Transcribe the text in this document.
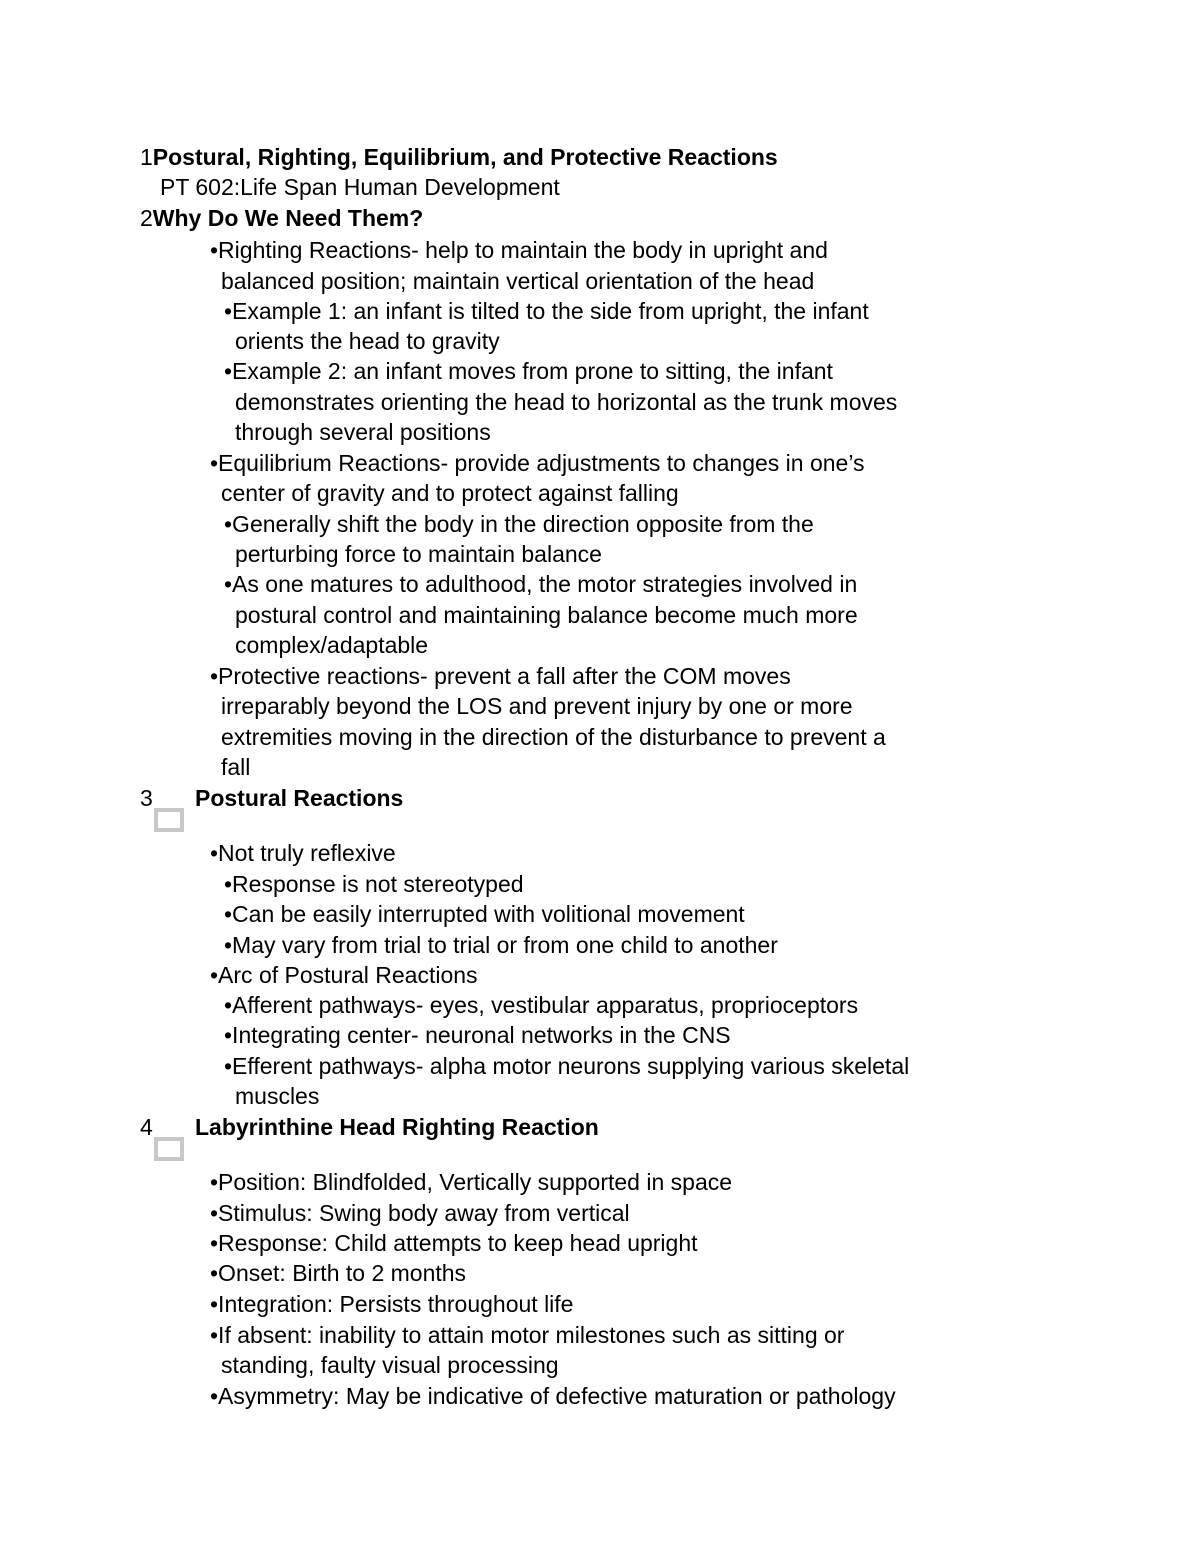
1Postural, Righting, Equilibrium, and Protective Reactions
PT 602:Life Span Human Development
2Why Do We Need Them?
•Righting Reactions- help to maintain the body in upright and
balanced position; maintain vertical orientation of the head
•Example 1: an infant is tilted to the side from upright, the infant
orients the head to gravity
•Example 2: an infant moves from prone to sitting, the infant
demonstrates orienting the head to horizontal as the trunk moves
through several positions
•Equilibrium Reactions- provide adjustments to changes in one’s
center of gravity and to protect against falling
•Generally shift the body in the direction opposite from the
perturbing force to maintain balance
•As one matures to adulthood, the motor strategies involved in
postural control and maintaining balance become much more
complex/adaptable
•Protective reactions- prevent a fall after the COM moves
irreparably beyond the LOS and prevent injury by one or more
extremities moving in the direction of the disturbance to prevent a
fall
3 Postural Reactions
•Not truly reflexive
•Response is not stereotyped
•Can be easily interrupted with volitional movement
•May vary from trial to trial or from one child to another
•Arc of Postural Reactions
•Afferent pathways- eyes, vestibular apparatus, proprioceptors
•Integrating center- neuronal networks in the CNS
•Efferent pathways- alpha motor neurons supplying various skeletal
muscles
4 Labyrinthine Head Righting Reaction
•Position: Blindfolded, Vertically supported in space
•Stimulus: Swing body away from vertical
•Response: Child attempts to keep head upright
•Onset: Birth to 2 months
•Integration: Persists throughout life
•If absent: inability to attain motor milestones such as sitting or
standing, faulty visual processing
•Asymmetry: May be indicative of defective maturation or pathology
